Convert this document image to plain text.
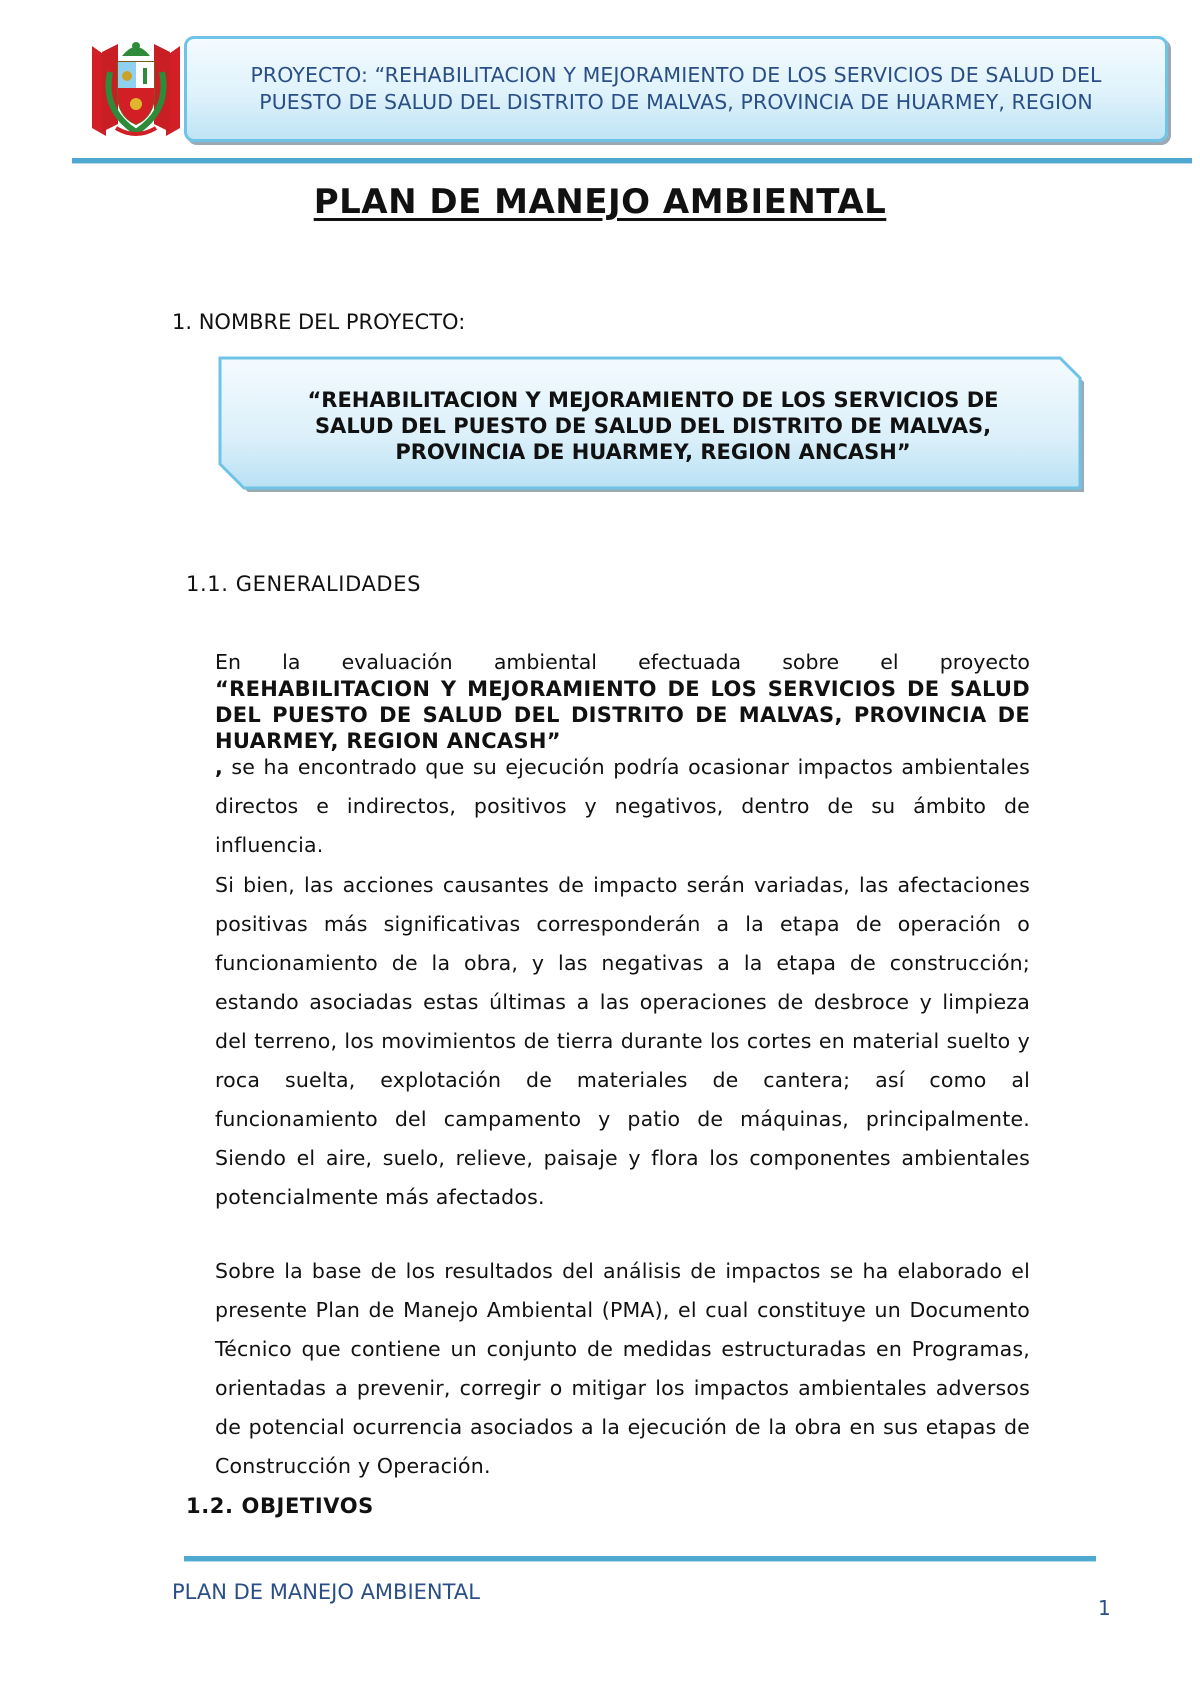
PROYECTO: “REHABILITACION Y MEJORAMIENTO DE LOS SERVICIOS DE SALUD DEL PUESTO DE SALUD DEL DISTRITO DE MALVAS, PROVINCIA DE HUARMEY, REGION
PLAN DE MANEJO AMBIENTAL
1. NOMBRE DEL PROYECTO:
“REHABILITACION Y MEJORAMIENTO DE LOS SERVICIOS DE SALUD DEL PUESTO DE SALUD DEL DISTRITO DE MALVAS, PROVINCIA DE HUARMEY, REGION ANCASH”
1.1. GENERALIDADES
En la evaluación ambiental efectuada sobre el proyecto
“REHABILITACION Y MEJORAMIENTO DE LOS SERVICIOS DE SALUD DEL PUESTO DE SALUD DEL DISTRITO DE MALVAS, PROVINCIA DE HUARMEY, REGION ANCASH”
, se ha encontrado que su ejecución podría ocasionar impactos ambientales directos e indirectos, positivos y negativos, dentro de su ámbito de influencia.
Si bien, las acciones causantes de impacto serán variadas, las afectaciones positivas más significativas corresponderán a la etapa de operación o funcionamiento de la obra, y las negativas a la etapa de construcción; estando asociadas estas últimas a las operaciones de desbroce y limpieza del terreno, los movimientos de tierra durante los cortes en material suelto y roca suelta, explotación de materiales de cantera; así como al funcionamiento del campamento y patio de máquinas, principalmente. Siendo el aire, suelo, relieve, paisaje y flora los componentes ambientales potencialmente más afectados.
Sobre la base de los resultados del análisis de impactos se ha elaborado el presente Plan de Manejo Ambiental (PMA), el cual constituye un Documento Técnico que contiene un conjunto de medidas estructuradas en Programas, orientadas a prevenir, corregir o mitigar los impactos ambientales adversos de potencial ocurrencia asociados a la ejecución de la obra en sus etapas de Construcción y Operación.
1.2. OBJETIVOS
PLAN DE MANEJO AMBIENTAL
1
